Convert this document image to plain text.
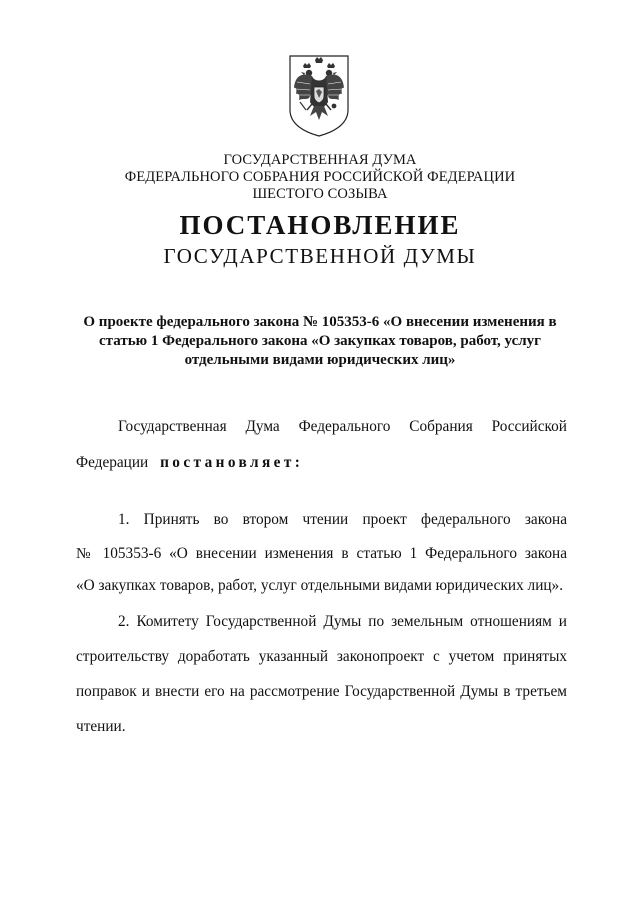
ГОСУДАРСТВЕННАЯ ДУМА
ФЕДЕРАЛЬНОГО СОБРАНИЯ РОССИЙСКОЙ ФЕДЕРАЦИИ
ШЕСТОГО СОЗЫВА
ПОСТАНОВЛЕНИЕ
ГОСУДАРСТВЕННОЙ ДУМЫ
О проекте федерального закона № 105353-6 «О внесении изменения в
статью 1 Федерального закона «О закупках товаров, работ, услуг
отдельными видами юридических лиц»
Государственная Дума Федерального Собрания Российской
Федерации постановляет:
1. Принять во втором чтении проект федерального закона
№ 105353-6 «О внесении изменения в статью 1 Федерального закона
«О закупках товаров, работ, услуг отдельными видами юридических лиц».
2. Комитету Государственной Думы по земельным отношениям и
строительству доработать указанный законопроект с учетом принятых
поправок и внести его на рассмотрение Государственной Думы в третьем
чтении.
